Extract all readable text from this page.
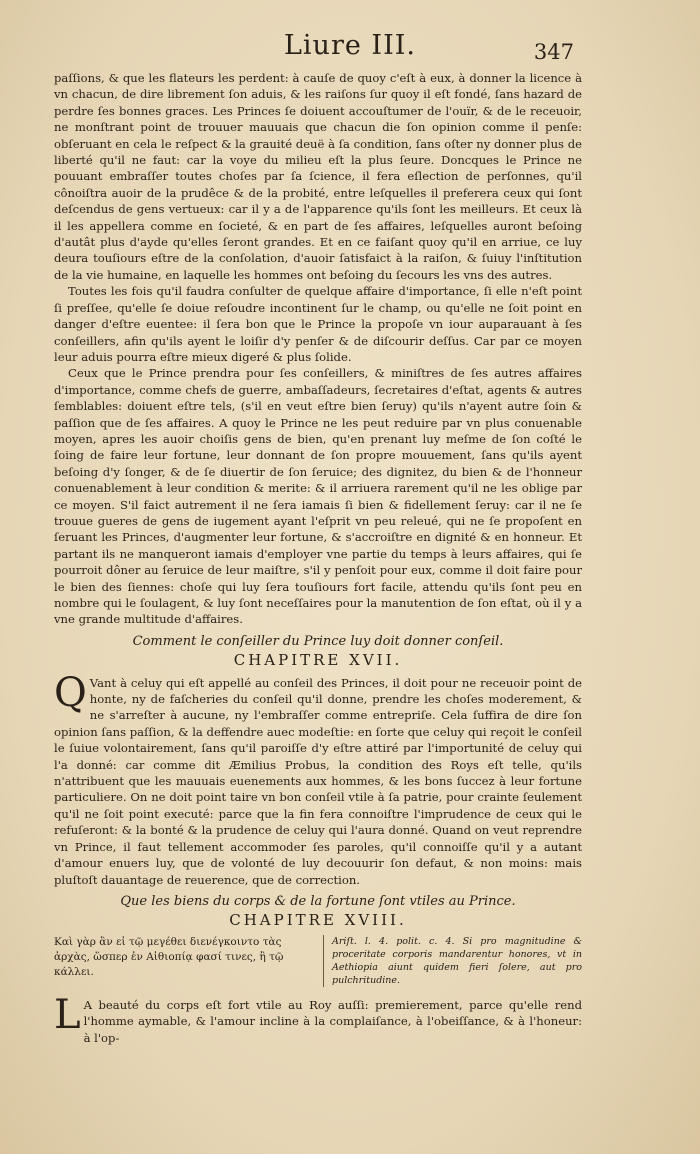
Liure III.	347

paſſions, & que les flateurs les perdent: à cauſe de quoy c'eſt à eux, à donner la licence à vn chacun, de dire librement ſon aduis, & les raiſons ſur quoy il eſt fondé, ſans hazard de perdre ſes bonnes graces. Les Princes ſe doiuent accouſtumer de l'ouïr, & de le receuoir, ne monſtrant point de trouuer mauuais que chacun die ſon opinion comme il penſe: obſeruant en cela le reſpect & la grauité deuë à ſa condition, ſans oſter ny donner plus de liberté qu'il ne faut: car la voye du milieu eſt la plus ſeure. Doncques le Prince ne pouuant embraſſer toutes choſes par ſa ſcience, il fera eſlection de perſonnes, qu'il cônoiſtra auoir de la prudêce & de la probité, entre leſquelles il preferera ceux qui ſont deſcendus de gens vertueux: car il y a de l'apparence qu'ils ſont les meilleurs. Et ceux là il les appellera comme en ſocieté, & en part de ſes affaires, leſquelles auront beſoing d'autât plus d'ayde qu'elles ſeront grandes. Et en ce faiſant quoy qu'il en arriue, ce luy deura touſiours eſtre de la conſolation, d'auoir ſatisfaict à la raiſon, & ſuiuy l'inſtitution de la vie humaine, en laquelle les hommes ont beſoing du ſecours les vns des autres.

Toutes les fois qu'il faudra conſulter de quelque affaire d'importance, ſi elle n'eſt point ſi preſſee, qu'elle ſe doiue reſoudre incontinent ſur le champ, ou qu'elle ne ſoit point en danger d'eſtre euentee: il ſera bon que le Prince la propoſe vn iour auparauant à ſes conſeillers, afin qu'ils ayent le loiſir d'y penſer & de diſcourir deſſus. Car par ce moyen leur aduis pourra eſtre mieux digeré & plus ſolide.

Ceux que le Prince prendra pour ſes conſeillers, & miniſtres de ſes autres affaires d'importance, comme chefs de guerre, ambaſſadeurs, ſecretaires d'eſtat, agents & autres ſemblables: doiuent eſtre tels, (s'il en veut eſtre bien ſeruy) qu'ils n'ayent autre ſoin & paſſion que de ſes affaires. A quoy le Prince ne les peut reduire par vn plus conuenable moyen, apres les auoir choiſis gens de bien, qu'en prenant luy meſme de ſon coſté le ſoing de faire leur fortune, leur donnant de ſon propre mouuement, ſans qu'ils ayent beſoing d'y ſonger, & de ſe diuertir de ſon ſeruice; des dignitez, du bien & de l'honneur conuenablement à leur condition & merite: & il arriuera rarement qu'il ne les oblige par ce moyen. S'il faict autrement il ne ſera iamais ſi bien & fidellement ſeruy: car il ne ſe trouue gueres de gens de iugement ayant l'eſprit vn peu releué, qui ne ſe propoſent en ſeruant les Princes, d'augmenter leur fortune, & s'accroiſtre en dignité & en honneur. Et partant ils ne manqueront iamais d'employer vne partie du temps à leurs affaires, qui ſe pourroit dôner au ſeruice de leur maiſtre, s'il y penſoit pour eux, comme il doit faire pour le bien des ſiennes: choſe qui luy ſera touſiours fort facile, attendu qu'ils ſont peu en nombre qui le ſoulagent, & luy ſont neceſſaires pour la manutention de ſon eſtat, où il y a vne grande multitude d'affaires.

Comment le conſeiller du Prince luy doit donner conſeil.

CHAPITRE XVII.

Q Vant à celuy qui eſt appellé au conſeil des Princes, il doit pour ne receuoir point de honte, ny de faſcheries du conſeil qu'il donne, prendre les choſes moderement, & ne s'arreſter à aucune, ny l'embraſſer comme entrepriſe. Cela ſuffira de dire ſon opinion ſans paſſion, & la deffendre auec modeſtie: en ſorte que celuy qui reçoit le conſeil le ſuiue volontairement, ſans qu'il paroiſſe d'y eſtre attiré par l'importunité de celuy qui l'a donné: car comme dit Æmilius Probus, la condition des Roys eſt telle, qu'ils n'attribuent que les mauuais euenements aux hommes, & les bons ſuccez à leur fortune particuliere. On ne doit point taire vn bon conſeil vtile à ſa patrie, pour crainte ſeulement qu'il ne ſoit point executé: parce que la fin fera connoiſtre l'imprudence de ceux qui le refuſeront: & la bonté & la prudence de celuy qui l'aura donné. Quand on veut reprendre vn Prince, il faut tellement accommoder ſes paroles, qu'il connoiſſe qu'il y a autant d'amour enuers luy, que de volonté de luy decouurir ſon defaut, & non moins: mais pluſtoſt dauantage de reuerence, que de correction.

Que les biens du corps & de la fortune ſont vtiles au Prince.

CHAPITRE XVIII.

Καὶ γὰρ ἂν εἰ τῷ μεγέθει διενέγκοιντο τὰς ἀρχὰς, ὥσπερ ἐν Αἰθιοπίᾳ φασί τινες, ἢ τῷ κάλλει.
Ariſt. l. 4. polit. c. 4. Si pro magnitudine & proceritate corporis mandarentur honores, vt in Aethiopia aiunt quidem fieri ſolere, aut pro pulchritudine.

L A beauté du corps eſt fort vtile au Roy auſſi: premierement, parce qu'elle rend l'homme aymable, & l'amour incline à la complaiſance, à l'obeiſſance, & à l'honeur: à l'op-
